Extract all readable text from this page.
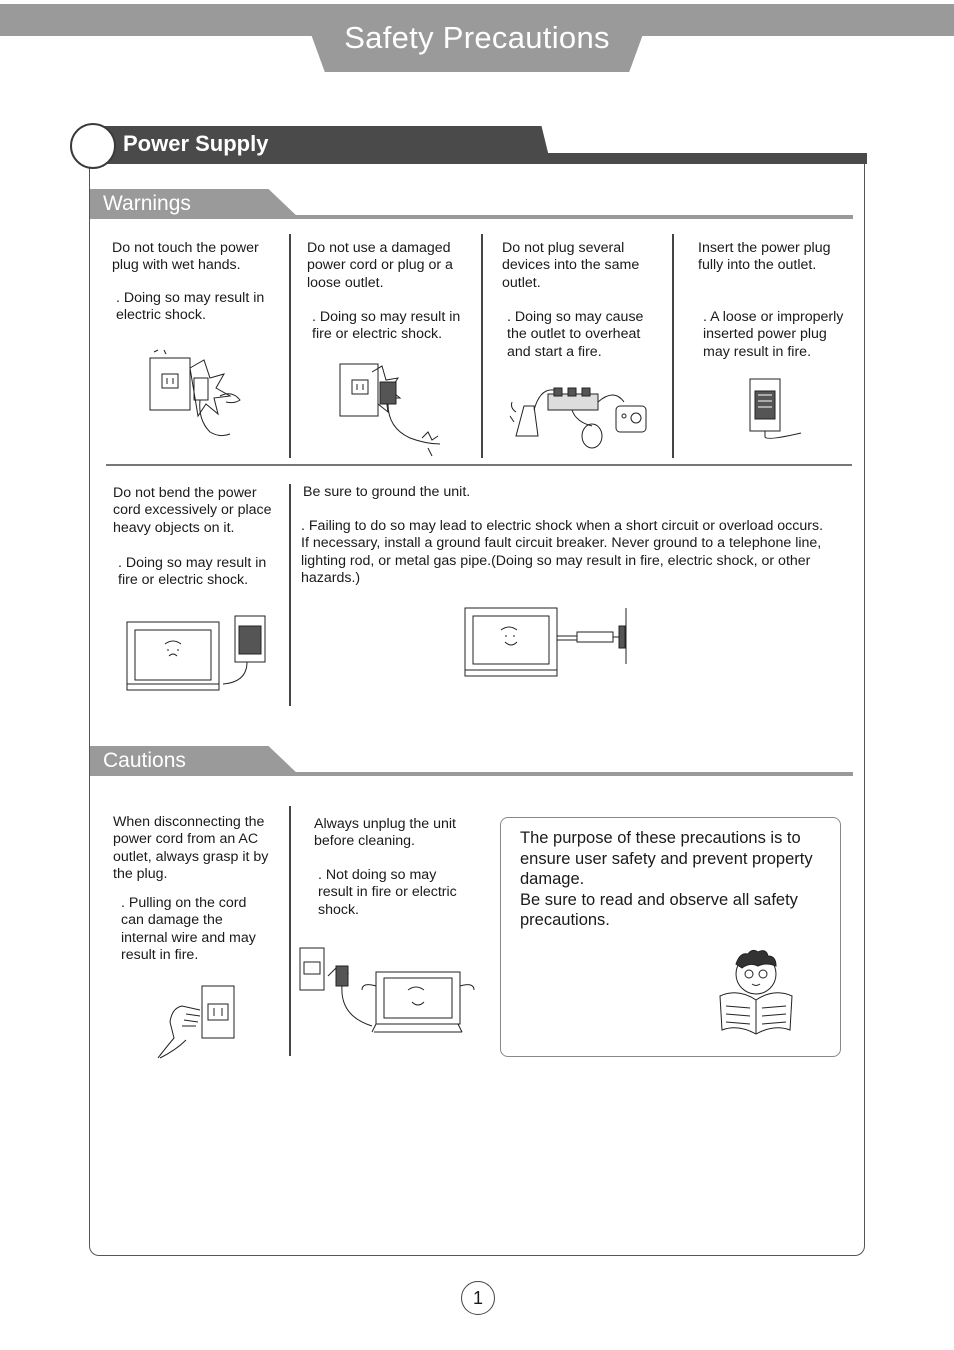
Safety Precautions
Power Supply
Warnings
Do not touch the power
plug with wet hands.
. Doing so may result in
electric shock.
Do not use a damaged
power cord or plug or a
loose outlet.
. Doing so may result in
fire or electric shock.
Do not plug several
devices into the same
outlet.
. Doing so may cause
the outlet to overheat
and start a fire.
Insert the power plug
fully into the outlet.
. A loose or improperly
inserted power plug
may result in fire.
Do not bend the power
cord excessively or place
heavy objects on it.
. Doing so may result in
fire or electric shock.
Be sure to ground the unit.
. Failing to do so may lead to electric shock when a short circuit or overload occurs.
If necessary, install a ground fault circuit breaker. Never ground to a telephone line,
lighting rod, or metal gas pipe.(Doing so may result in fire, electric shock, or other
hazards.)
Cautions
When disconnecting the
power cord from an AC
outlet, always grasp it by
the plug.
. Pulling on the cord
can damage the
internal wire and may
result in fire.
Always unplug the unit
before cleaning.
. Not doing so may
result in fire or electric
shock.
The purpose of these precautions is to
ensure user safety and prevent property
damage.
Be sure to read and observe all safety
precautions.
1
